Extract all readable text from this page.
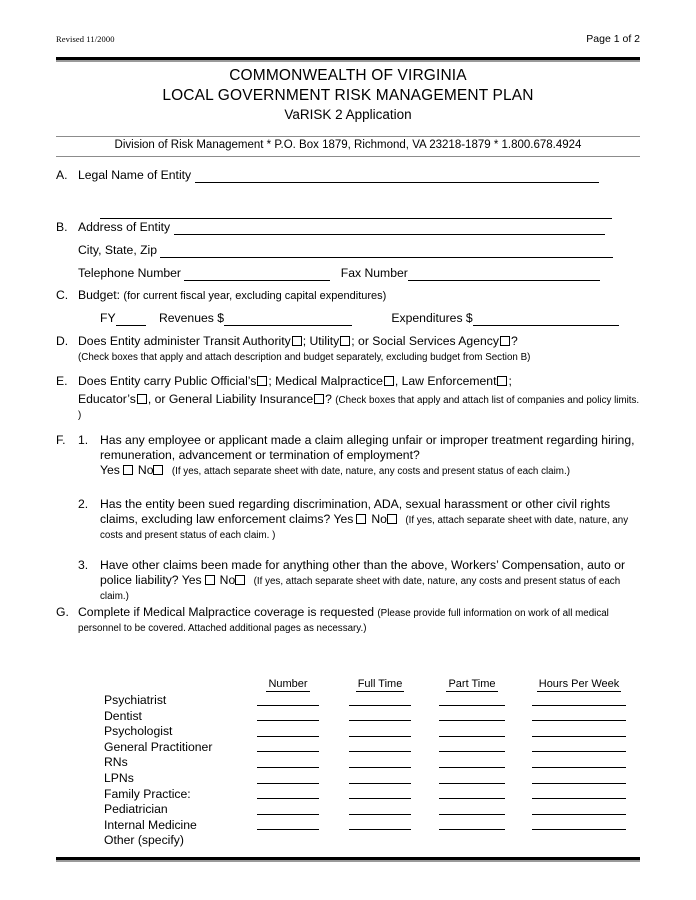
Revised 11/2000	Page 1 of 2
COMMONWEALTH OF VIRGINIA
LOCAL GOVERNMENT RISK MANAGEMENT PLAN
VaRISK 2 Application
Division of Risk Management * P.O. Box 1879, Richmond, VA 23218-1879 * 1.800.678.4924
A. Legal Name of Entity
B. Address of Entity
City, State, Zip
Telephone Number	Fax Number
C. Budget: (for current fiscal year, excluding capital expenditures)
FY	Revenues $	Expenditures $
D. Does Entity administer Transit Authority ; Utility ; or Social Services Agency ?
(Check boxes that apply and attach description and budget separately, excluding budget from Section B)
E. Does Entity carry Public Official’s ; Medical Malpractice , Law Enforcement ;
Educator’s , or General Liability Insurance ? (Check boxes that apply and attach list of companies and policy limits. )
F.	1. Has any employee or applicant made a claim alleging unfair or improper treatment regarding hiring, remuneration, advancement or termination of employment?
Yes No (If yes, attach separate sheet with date, nature, any costs and present status of each claim.)
2. Has the entity been sued regarding discrimination, ADA, sexual harassment or other civil rights claims, excluding law enforcement claims? Yes No (If yes, attach separate sheet with date, nature, any costs and present status of each claim. )
3. Have other claims been made for anything other than the above, Workers’ Compensation, auto or police liability? Yes No (If yes, attach separate sheet with date, nature, any costs and present status of each claim.)
G. Complete if Medical Malpractice coverage is requested (Please provide full information on work of all medical personnel to be covered. Attached additional pages as necessary.)
	Number	Full Time	Part Time	Hours Per Week
Psychiatrist				
Dentist				
Psychologist				
General Practitioner				
RNs				
LPNs				
Family Practice:				
Pediatrician				
Internal Medicine				
Other (specify)				
